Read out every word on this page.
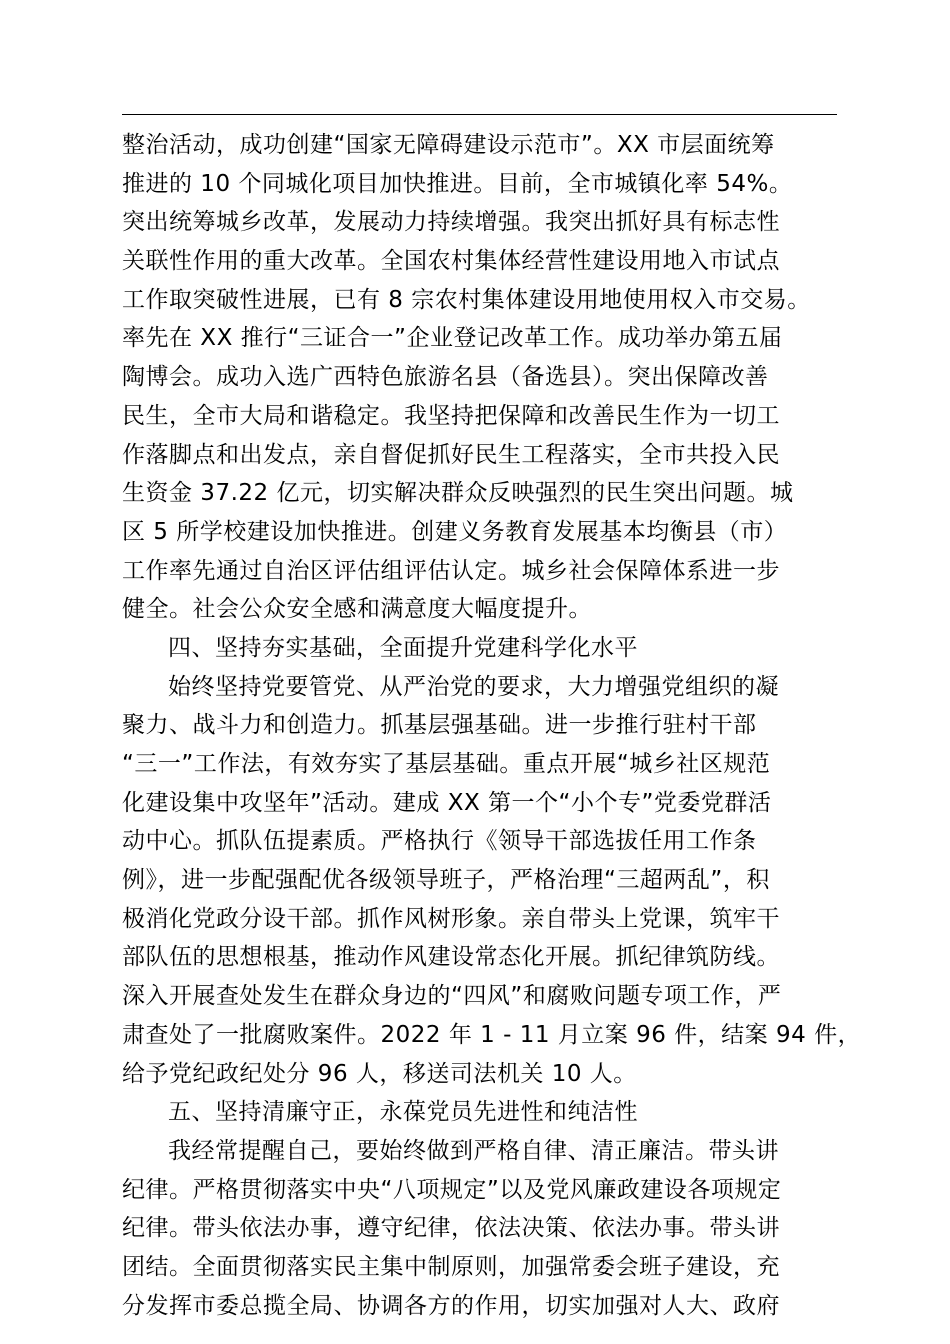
整治活动，成功创建“国家无障碍建设示范市”。XX 市层面统筹
推进的 10 个同城化项目加快推进。目前，全市城镇化率 54%。
突出统筹城乡改革，发展动力持续增强。我突出抓好具有标志性
关联性作用的重大改革。全国农村集体经营性建设用地入市试点
工作取突破性进展，已有 8 宗农村集体建设用地使用权入市交易。
率先在 XX 推行“三证合一”企业登记改革工作。成功举办第五届
陶博会。成功入选广西特色旅游名县（备选县）。突出保障改善
民生，全市大局和谐稳定。我坚持把保障和改善民生作为一切工
作落脚点和出发点，亲自督促抓好民生工程落实，全市共投入民
生资金 37.22 亿元，切实解决群众反映强烈的民生突出问题。城
区 5 所学校建设加快推进。创建义务教育发展基本均衡县（市）
工作率先通过自治区评估组评估认定。城乡社会保障体系进一步
健全。社会公众安全感和满意度大幅度提升。
四、坚持夯实基础，全面提升党建科学化水平
始终坚持党要管党、从严治党的要求，大力增强党组织的凝
聚力、战斗力和创造力。抓基层强基础。进一步推行驻村干部
“三一”工作法，有效夯实了基层基础。重点开展“城乡社区规范
化建设集中攻坚年”活动。建成 XX 第一个“小个专”党委党群活
动中心。抓队伍提素质。严格执行《领导干部选拔任用工作条
例》，进一步配强配优各级领导班子，严格治理“三超两乱”，积
极消化党政分设干部。抓作风树形象。亲自带头上党课，筑牢干
部队伍的思想根基，推动作风建设常态化开展。抓纪律筑防线。
深入开展查处发生在群众身边的“四风”和腐败问题专项工作，严
肃查处了一批腐败案件。2022 年 1 - 11 月立案 96 件，结案 94 件，
给予党纪政纪处分 96 人，移送司法机关 10 人。
五、坚持清廉守正，永葆党员先进性和纯洁性
我经常提醒自己，要始终做到严格自律、清正廉洁。带头讲
纪律。严格贯彻落实中央“八项规定”以及党风廉政建设各项规定
纪律。带头依法办事，遵守纪律，依法决策、依法办事。带头讲
团结。全面贯彻落实民主集中制原则，加强常委会班子建设，充
分发挥市委总揽全局、协调各方的作用，切实加强对人大、政府
